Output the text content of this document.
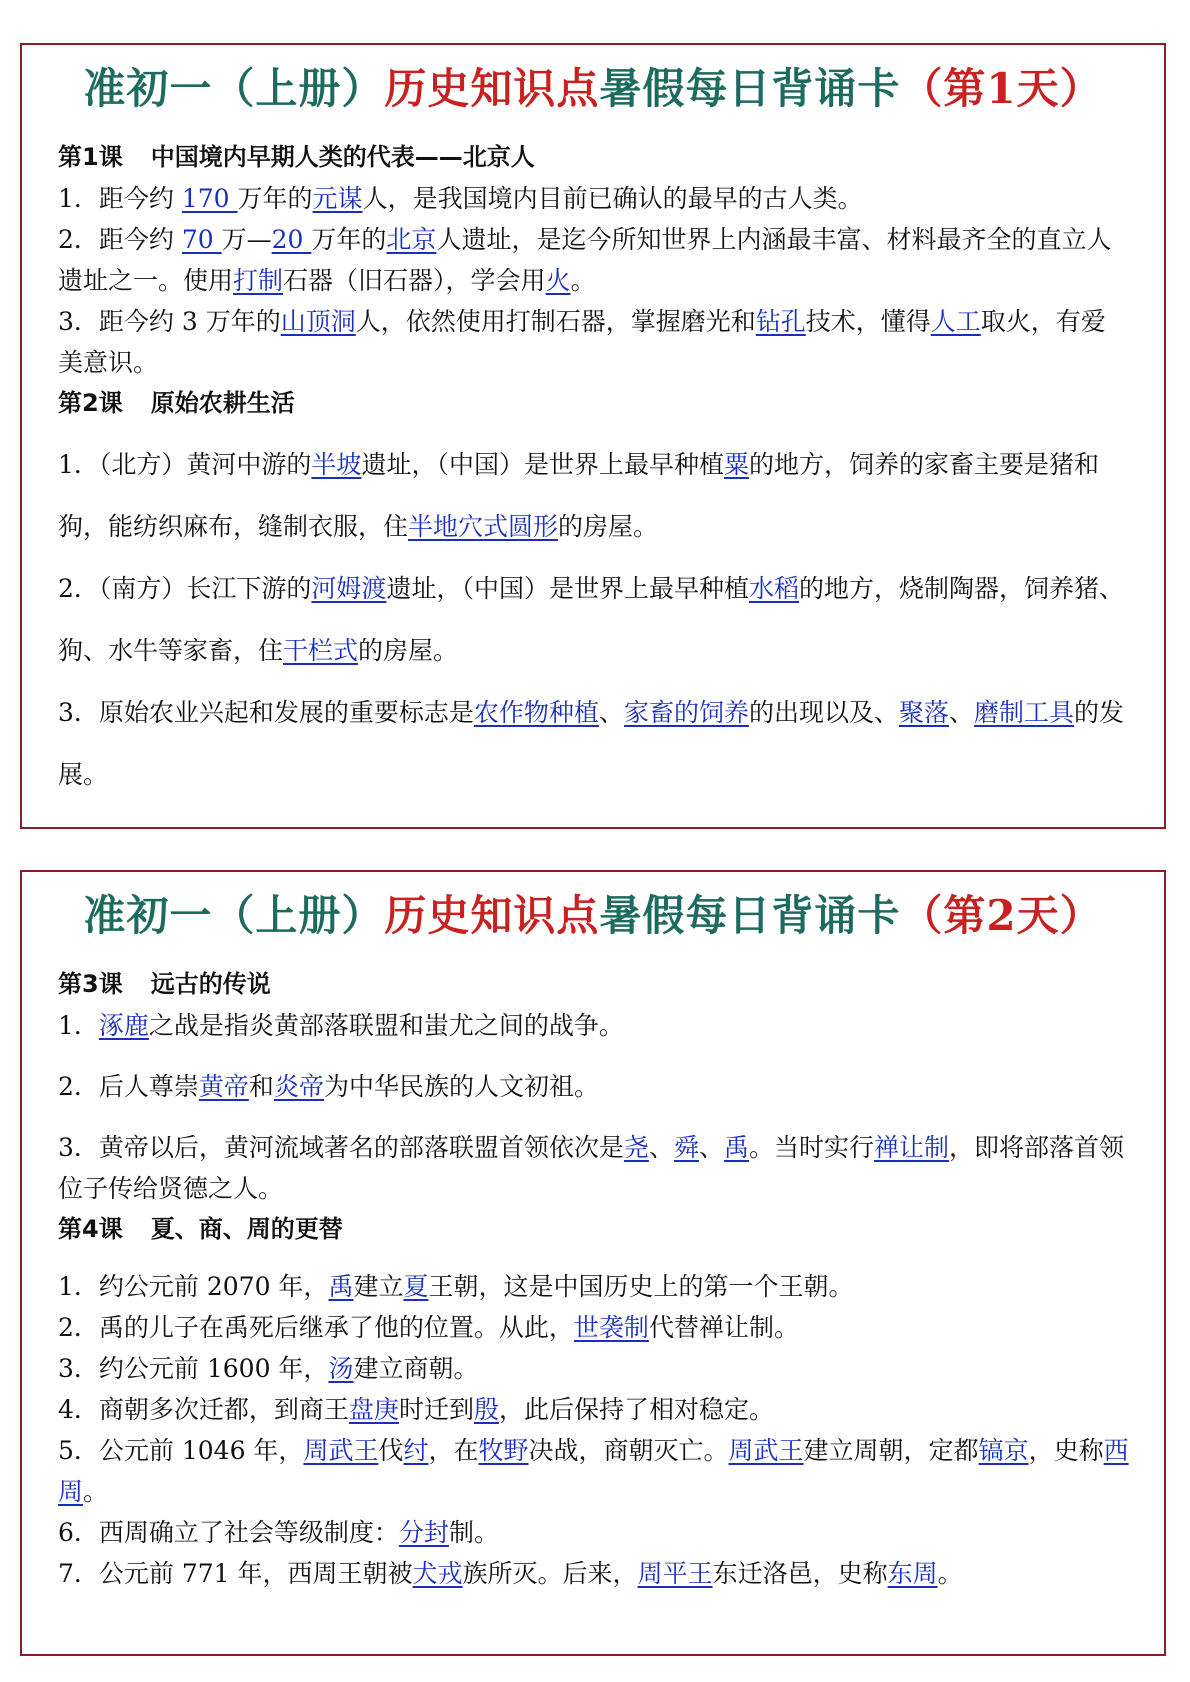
准初一（上册）历史知识点暑假每日背诵卡（第1天）
第1课 中国境内早期人类的代表——北京人

1．距今约 170 万年的元谋人，是我国境内目前已确认的最早的古人类。

2．距今约 70 万—20 万年的北京人遗址，是迄今所知世界上内涵最丰富、材料最齐全的直立人遗址之一。使用打制石器（旧石器），学会用火。

3．距今约 3 万年的山顶洞人，依然使用打制石器，掌握磨光和钻孔技术，懂得人工取火，有爱美意识。

第2课 原始农耕生活

1．（北方）黄河中游的半坡遗址，（中国）是世界上最早种植粟的地方，饲养的家畜主要是猪和狗，能纺织麻布，缝制衣服，住半地穴式圆形的房屋。

2．（南方）长江下游的河姆渡遗址，（中国）是世界上最早种植水稻的地方，烧制陶器，饲养猪、狗、水牛等家畜，住干栏式的房屋。

3．原始农业兴起和发展的重要标志是农作物种植、家畜的饲养的出现以及、聚落、磨制工具的发展。

准初一（上册）历史知识点暑假每日背诵卡（第2天）
第3课 远古的传说

1．涿鹿之战是指炎黄部落联盟和蚩尤之间的战争。

2．后人尊崇黄帝和炎帝为中华民族的人文初祖。

3．黄帝以后，黄河流域著名的部落联盟首领依次是尧、舜、禹。当时实行禅让制，即将部落首领位子传给贤德之人。

第4课 夏、商、周的更替

1．约公元前 2070 年，禹建立夏王朝，这是中国历史上的第一个王朝。

2．禹的儿子在禹死后继承了他的位置。从此，世袭制代替禅让制。

3．约公元前 1600 年，汤建立商朝。

4．商朝多次迁都，到商王盘庚时迁到殷，此后保持了相对稳定。

5．公元前 1046 年，周武王伐纣，在牧野决战，商朝灭亡。周武王建立周朝，定都镐京，史称西周。

6．西周确立了社会等级制度：分封制。

7．公元前 771 年，西周王朝被犬戎族所灭。后来，周平王东迁洛邑，史称东周。
